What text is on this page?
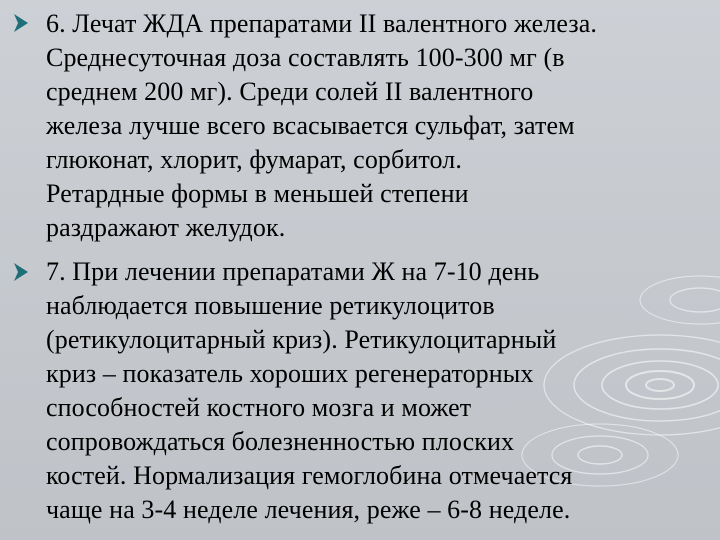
6. Лечат ЖДА препаратами II валентного железа.
Среднесуточная доза составлять 100-300 мг (в
среднем 200 мг). Среди солей II валентного
железа лучше всего всасывается сульфат, затем
глюконат, хлорит, фумарат, сорбитол.
Ретардные формы в меньшей степени
раздражают желудок.
7. При лечении препаратами Ж на 7-10 день
наблюдается повышение ретикулоцитов
(ретикулоцитарный криз). Ретикулоцитарный
криз – показатель хороших регенераторных
способностей костного мозга и может
сопровождаться болезненностью плоских
костей. Нормализация гемоглобина отмечается
чаще на 3-4 неделе лечения, реже – 6-8 неделе.
